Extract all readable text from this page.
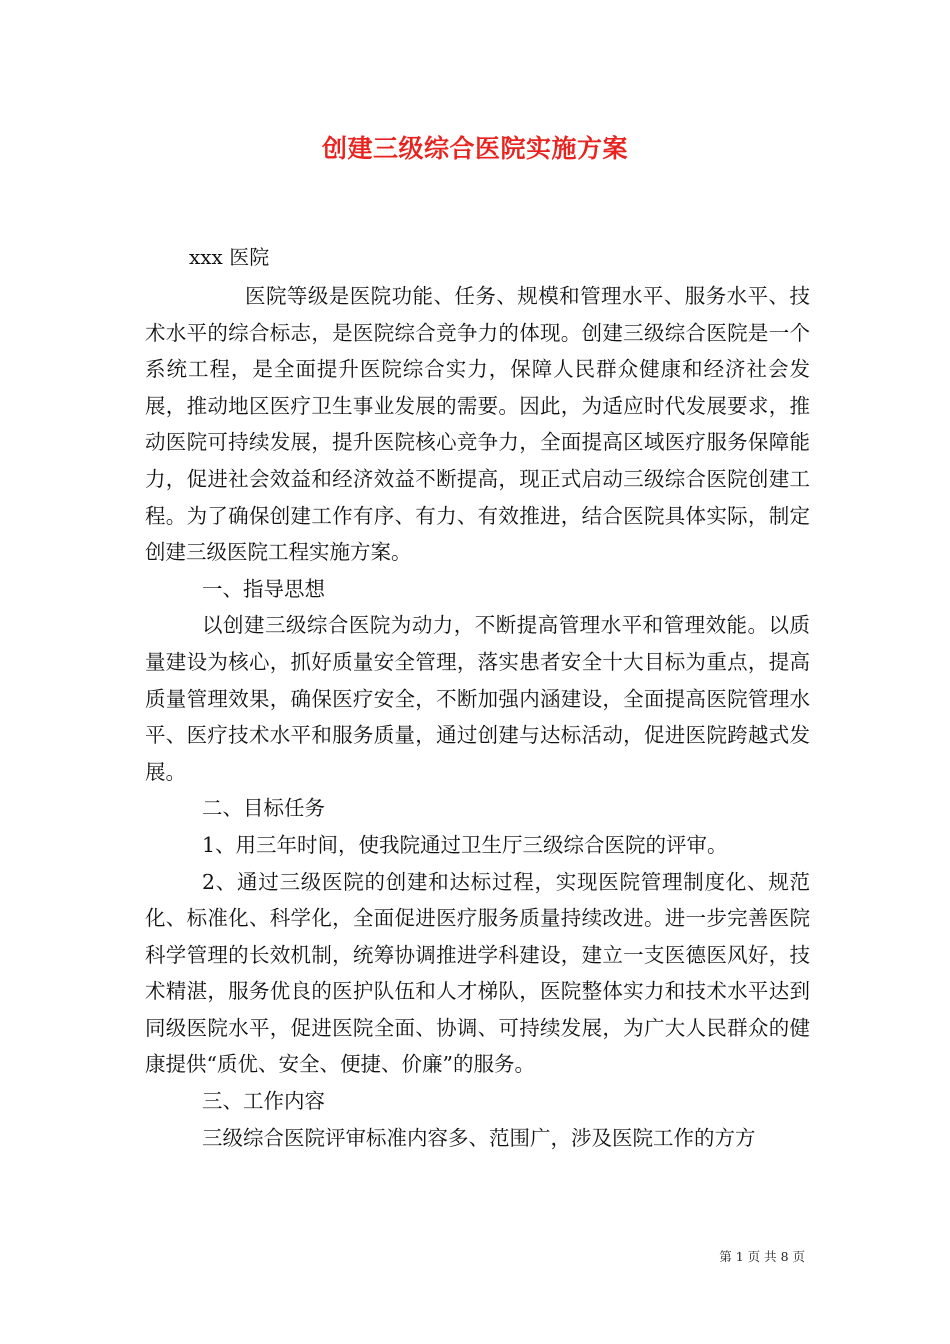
创建三级综合医院实施方案
xxx 医院

医院等级是医院功能、任务、规模和管理水平、服务水平、技术水平的综合标志，是医院综合竞争力的体现。创建三级综合医院是一个系统工程，是全面提升医院综合实力，保障人民群众健康和经济社会发展，推动地区医疗卫生事业发展的需要。因此，为适应时代发展要求，推动医院可持续发展，提升医院核心竞争力，全面提高区域医疗服务保障能力，促进社会效益和经济效益不断提高，现正式启动三级综合医院创建工程。为了确保创建工作有序、有力、有效推进，结合医院具体实际，制定创建三级医院工程实施方案。

一、指导思想

以创建三级综合医院为动力，不断提高管理水平和管理效能。以质量建设为核心，抓好质量安全管理，落实患者安全十大目标为重点，提高质量管理效果，确保医疗安全，不断加强内涵建设，全面提高医院管理水平、医疗技术水平和服务质量，通过创建与达标活动，促进医院跨越式发展。

二、目标任务

1、用三年时间，使我院通过卫生厅三级综合医院的评审。

2、通过三级医院的创建和达标过程，实现医院管理制度化、规范化、标准化、科学化，全面促进医疗服务质量持续改进。进一步完善医院科学管理的长效机制，统筹协调推进学科建设，建立一支医德医风好，技术精湛，服务优良的医护队伍和人才梯队，医院整体实力和技术水平达到同级医院水平，促进医院全面、协调、可持续发展，为广大人民群众的健康提供“质优、安全、便捷、价廉”的服务。

三、工作内容

三级综合医院评审标准内容多、范围广，涉及医院工作的方方

第 1 页 共 8 页
